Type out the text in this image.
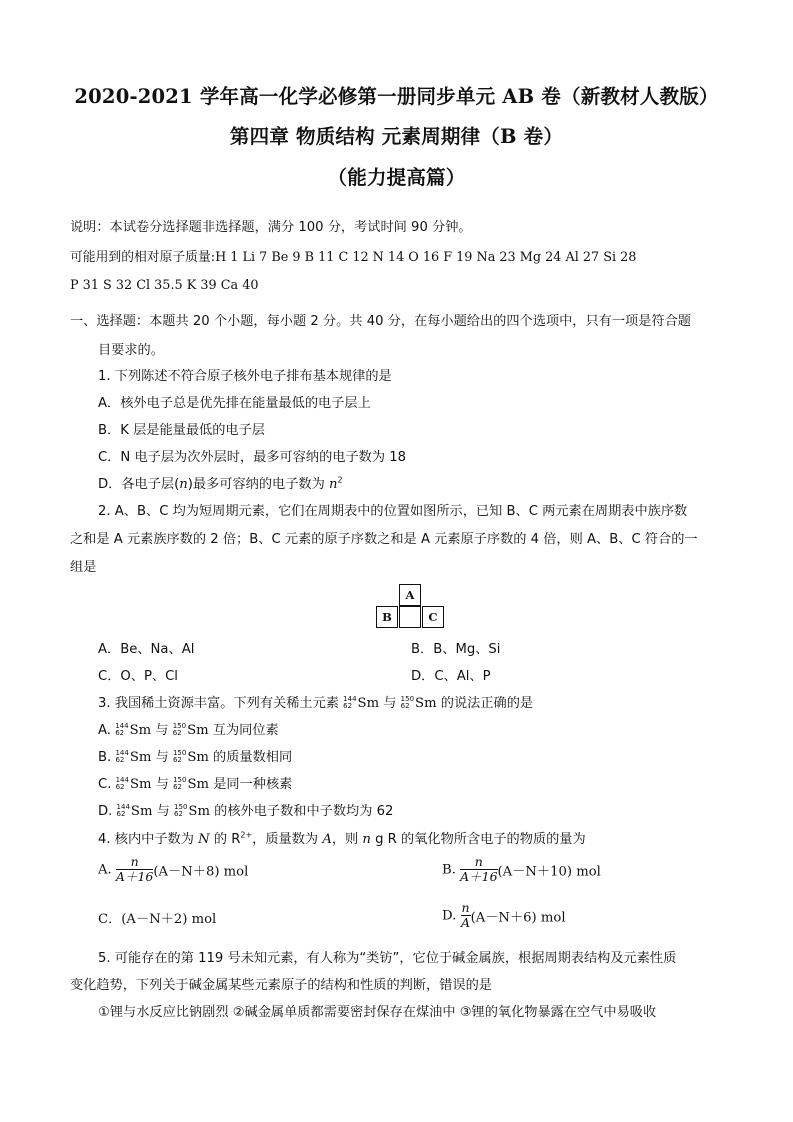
2020-2021 学年高一化学必修第一册同步单元 AB 卷（新教材人教版）
第四章 物质结构 元素周期律（B 卷）
（能力提高篇）
说明：本试卷分选择题非选择题，满分 100 分，考试时间 90 分钟。
可能用到的相对原子质量:H 1 Li 7 Be 9 B 11 C 12 N 14 O 16 F 19 Na 23 Mg 24 Al 27 Si 28
P 31 S 32 Cl 35.5 K 39 Ca 40
一、选择题：本题共 20 个小题，每小题 2 分。共 40 分，在每小题给出的四个选项中，只有一项是符合题
目要求的。
1. 下列陈述不符合原子核外电子排布基本规律的是
A．核外电子总是优先排在能量最低的电子层上
B．K 层是能量最低的电子层
C．N 电子层为次外层时，最多可容纳的电子数为 18
D．各电子层(n)最多可容纳的电子数为 $n^2$
2. A、B、C 均为短周期元素，它们在周期表中的位置如图所示，已知 B、C 两元素在周期表中族序数
之和是 A 元素族序数的 2 倍；B、C 元素的原子序数之和是 A 元素原子序数的 4 倍，则 A、B、C 符合的一
组是
A
B	C
A．Be、Na、Al	B．B、Mg、Si
C．O、P、Cl	D．C、Al、P
3. 我国稀土资源丰富。下列有关稀土元素 144
62 Sm 与 150
62 Sm 的说法正确的是
A. 144
62 Sm 与 150
62 Sm 互为同位素
B. 144
62 Sm 与 150
62 Sm 的质量数相同
C. 144
62 Sm 与 150
62 Sm 是同一种核素
D. 144
62 Sm 与 150
62 Sm 的核外电子数和中子数均为 62
4. 核内中子数为 N 的 $R^{2+}$，质量数为 A，则 n g R 的氧化物所含电子的物质的量为
A. $\frac{n}{A+16} (A-N+8)$ mol	B. $\frac{n}{A+16} (A-N+10)$ mol
C．(A－N＋2) mol	D. $\frac{n}{A} (A-N+6)$ mol
5. 可能存在的第 119 号未知元素，有人称为“类钫”，它位于碱金属族，根据周期表结构及元素性质
变化趋势，下列关于碱金属某些元素原子的结构和性质的判断，错误的是
①锂与水反应比钠剧烈 ②碱金属单质都需要密封保存在煤油中 ③锂的氧化物暴露在空气中易吸收
